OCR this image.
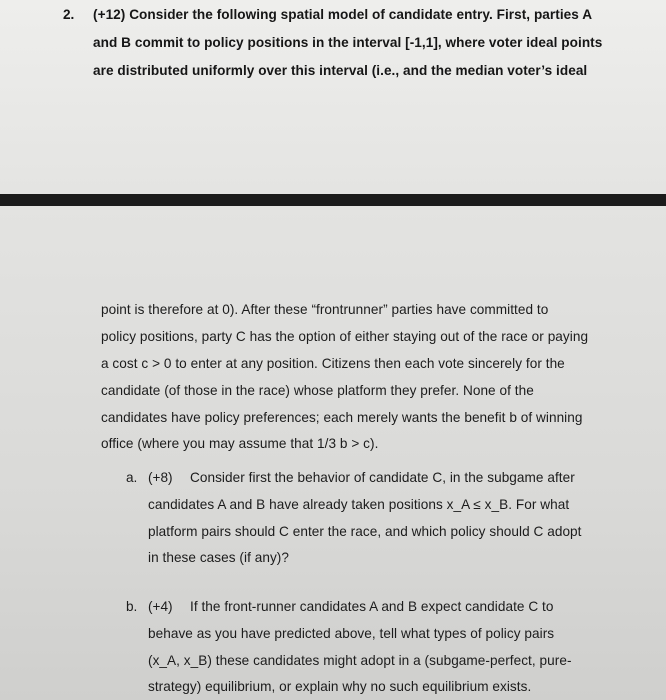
2. (+12) Consider the following spatial model of candidate entry. First, parties A
and B commit to policy positions in the interval [-1,1], where voter ideal points
are distributed uniformly over this interval (i.e., and the median voter’s ideal
point is therefore at 0). After these “frontrunner” parties have committed to
policy positions, party C has the option of either staying out of the race or paying
a cost c > 0 to enter at any position. Citizens then each vote sincerely for the
candidate (of those in the race) whose platform they prefer. None of the
candidates have policy preferences; each merely wants the benefit b of winning
office (where you may assume that 1/3 b > c).
a. (+8) Consider first the behavior of candidate C, in the subgame after
candidates A and B have already taken positions x_A ≤ x_B. For what
platform pairs should C enter the race, and which policy should C adopt
in these cases (if any)?
b. (+4) If the front-runner candidates A and B expect candidate C to
behave as you have predicted above, tell what types of policy pairs
(x_A, x_B) these candidates might adopt in a (subgame-perfect, pure-
strategy) equilibrium, or explain why no such equilibrium exists.
